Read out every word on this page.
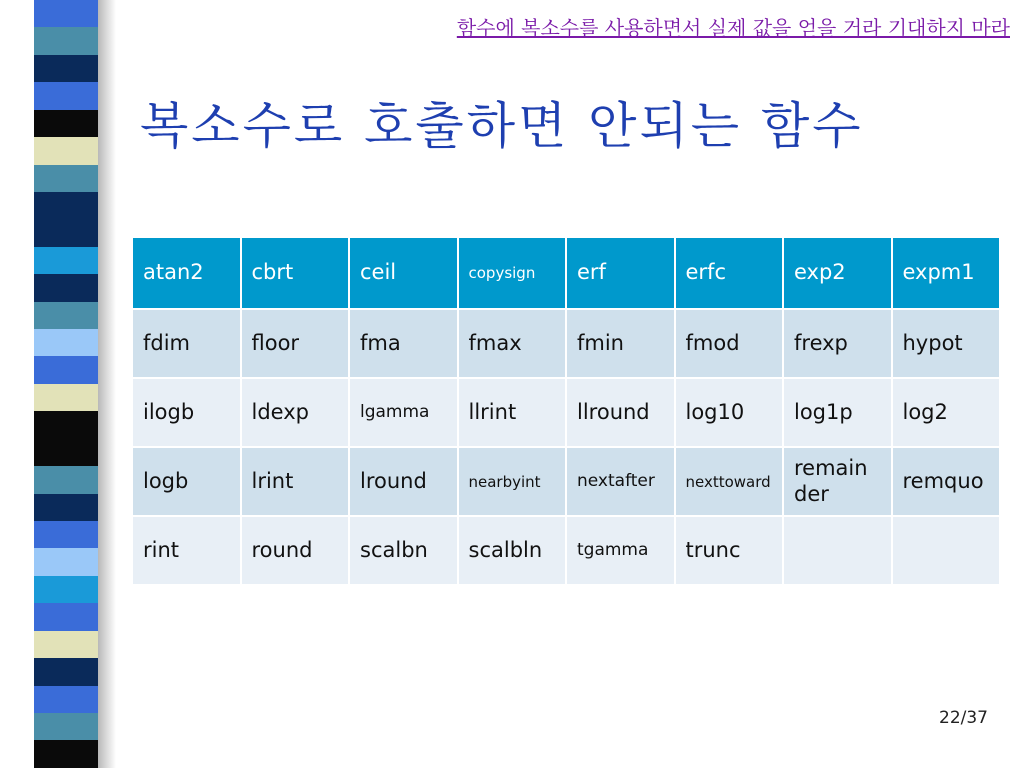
함수에 복소수를 사용하면서 실제 값을 얻을 거라 기대하지 마라
복소수로 호출하면 안되는 함수
atan2	cbrt	ceil	copysign	erf	erfc	exp2	expm1
fdim	floor	fma	fmax	fmin	fmod	frexp	hypot
ilogb	ldexp	lgamma	llrint	llround	log10	log1p	log2
logb	lrint	lround	nearbyint	nextafter	nexttoward	remainder	remquo
rint	round	scalbn	scalbln	tgamma	trunc		
22/37
